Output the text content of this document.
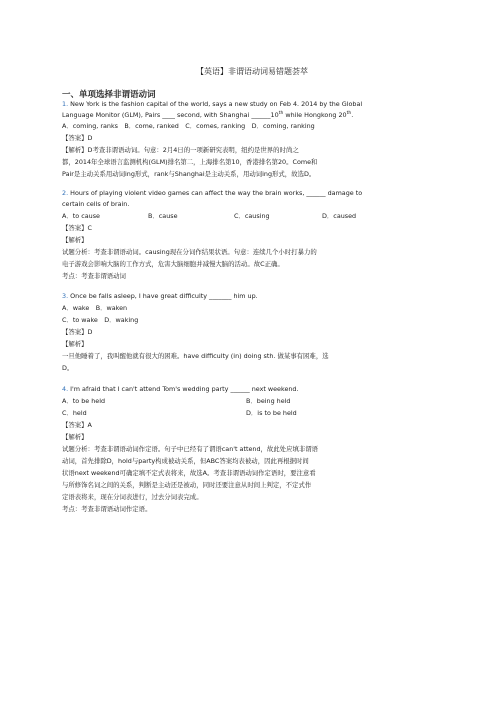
【英语】非谓语动词易错题荟萃
一、单项选择非谓语动词
1. New York is the fashion capital of the world, says a new study on Feb 4. 2014 by the Global
Language Monitor (GLM), Pairs ____ second, with Shanghai ______10th while Hongkong 20th.
A．coming, ranks　B．come, ranked　C．comes, ranking　D．coming, ranking
【答案】D
【解析】D考查非谓语动词。句意：2月4日的一项新研究表明，纽约是世界的时尚之
都，2014年全球语言监测机构(GLM)排名第二，上海排名第10，香港排名第20。Come和
Pair是主动关系用动词ing形式，rank与Shanghai是主动关系，用动词ing形式，故选D。
2. Hours of playing violent video games can affect the way the brain works, ______ damage to
certain cells of brain.
A．to cause	B．cause	C．causing	D．caused
【答案】C
【解析】
试题分析：考查非谓语动词。causing现在分词作结果状语。句意：连续几个小时打暴力的
电子游戏会影响大脑的工作方式，危害大脑细胞并减慢大脑的活动。故C正确。
考点：考查非谓语动词
3. Once be falls asleep, I have great difficulty _______ him up.
A．wake　B．waken
C．to wake　D．waking
【答案】D
【解析】
一旦他睡着了，我叫醒他就有很大的困难。have difficulty (in) doing sth. 做某事有困难，选
D。
4. I'm afraid that I can't attend Tom's wedding party ______ next weekend.
A．to be held	B．being held
C．held	D．is to be held
【答案】A
【解析】
试题分析：考查非谓语动词作定语。句子中已经有了谓语can't attend，故此处应填非谓语
动词，首先排除D，hold与party构成被动关系，但ABC答案均表被动，因此再根据时间
状语next weekend可确定填不定式表将来，故选A。考查非谓语动词作定语时，要注意看
与所修饰名词之间的关系，判断是主动还是被动，同时还要注意从时间上判定，不定式作
定语表将来，现在分词表进行，过去分词表完成。
考点：考查非谓语动词作定语。
